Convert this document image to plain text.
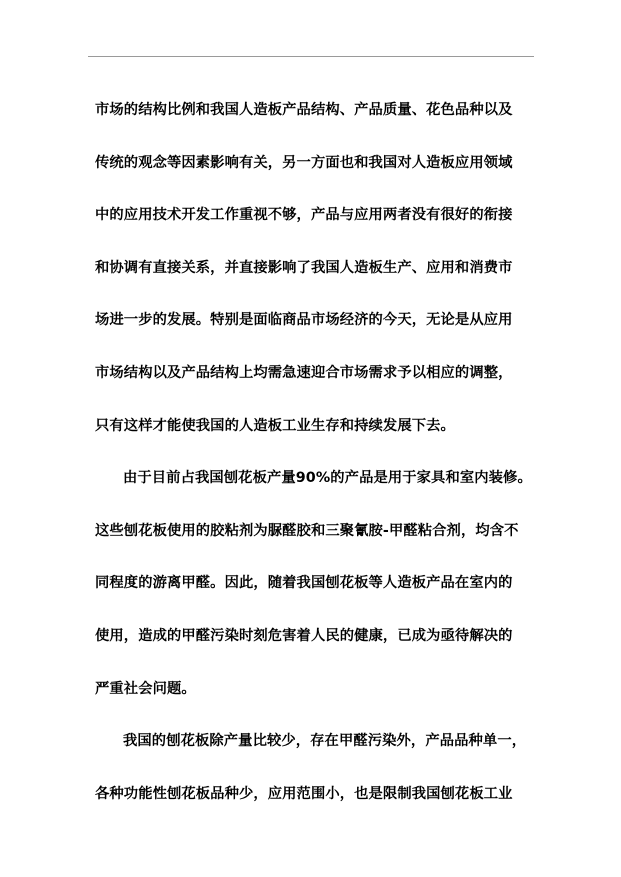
市场的结构比例和我国人造板产品结构、产品质量、花色品种以及
传统的观念等因素影响有关，另一方面也和我国对人造板应用领域
中的应用技术开发工作重视不够，产品与应用两者没有很好的衔接
和协调有直接关系，并直接影响了我国人造板生产、应用和消费市
场进一步的发展。特别是面临商品市场经济的今天，无论是从应用
市场结构以及产品结构上均需急速迎合市场需求予以相应的调整，
只有这样才能使我国的人造板工业生存和持续发展下去。
由于目前占我国刨花板产量90%的产品是用于家具和室内装修。
这些刨花板使用的胶粘剂为脲醛胶和三聚氰胺-甲醛粘合剂，均含不
同程度的游离甲醛。因此，随着我国刨花板等人造板产品在室内的
使用，造成的甲醛污染时刻危害着人民的健康，已成为亟待解决的
严重社会问题。
我国的刨花板除产量比较少，存在甲醛污染外，产品品种单一，
各种功能性刨花板品种少，应用范围小，也是限制我国刨花板工业
